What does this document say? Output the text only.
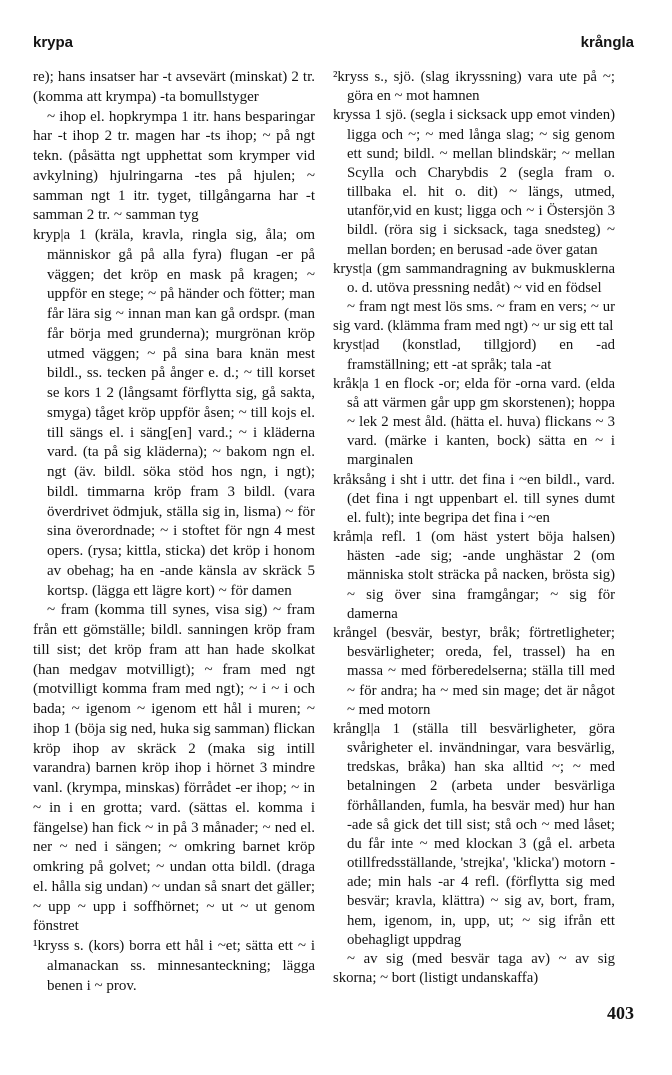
krypa	krångla

re); hans insatser har -t avsevärt (minskat) 2 tr. (komma att krympa) -ta bomullstyger

~ ihop el. hopkrympa 1 itr. hans besparingar har -t ihop 2 tr. magen har -ts ihop; ~ på ngt tekn. (påsätta ngt upphettat som krymper vid avkylning) hjulringarna -tes på hjulen; ~ samman ngt 1 itr. tyget, tillgångarna har -t samman 2 tr. ~ samman tyg

kryp|a 1 (kräla, kravla, ringla sig, åla; om människor gå på alla fyra) flugan -er på väggen; det kröp en mask på kragen; ~ uppför en stege; ~ på händer och fötter; man får lära sig ~ innan man kan gå ordspr. (man får börja med grunderna); murgrönan kröp utmed väggen; ~ på sina bara knän mest bildl., ss. tecken på ånger e. d.; ~ till korset se kors 1 2 (långsamt förflytta sig, gå sakta, smyga) tåget kröp uppför åsen; ~ till kojs el. till sängs el. i säng[en] vard.; ~ i kläderna vard. (ta på sig kläderna); ~ bakom ngn el. ngt (äv. bildl. söka stöd hos ngn, i ngt); bildl. timmarna kröp fram 3 bildl. (vara överdrivet ödmjuk, ställa sig in, lisma) ~ för sina överordnade; ~ i stoftet för ngn 4 mest opers. (rysa; kittla, sticka) det kröp i honom av obehag; ha en -ande känsla av skräck 5 kortsp. (lägga ett lägre kort) ~ för damen

~ fram (komma till synes, visa sig) ~ fram från ett gömställe; bildl. sanningen kröp fram till sist; det kröp fram att han hade skolkat (han medgav motvilligt); ~ fram med ngt (motvilligt komma fram med ngt); ~ i ~ i och bada; ~ igenom ~ igenom ett hål i muren; ~ ihop 1 (böja sig ned, huka sig samman) flickan kröp ihop av skräck 2 (maka sig intill varandra) barnen kröp ihop i hörnet 3 mindre vanl. (krympa, minskas) förrådet -er ihop; ~ in ~ in i en grotta; vard. (sättas el. komma i fängelse) han fick ~ in på 3 månader; ~ ned el. ner ~ ned i sängen; ~ omkring barnet kröp omkring på golvet; ~ undan otta bildl. (draga el. hålla sig undan) ~ undan så snart det gäller; ~ upp ~ upp i soffhörnet; ~ ut ~ ut genom fönstret

¹kryss s. (kors) borra ett hål i ~et; sätta ett ~ i almanackan ss. minnesanteckning; lägga benen i ~ prov.

²kryss s., sjö. (slag ikryssning) vara ute på ~; göra en ~ mot hamnen

kryssa 1 sjö. (segla i sicksack upp emot vinden) ligga och ~; ~ med långa slag; ~ sig genom ett sund; bildl. ~ mellan blindskär; ~ mellan Scylla och Charybdis 2 (segla fram o. tillbaka el. hit o. dit) ~ längs, utmed, utanför,vid en kust; ligga och ~ i Östersjön 3 bildl. (röra sig i sicksack, taga snedsteg) ~ mellan borden; en berusad -ade över gatan

kryst|a (gm sammandragning av bukmusklerna o. d. utöva pressning nedåt) ~ vid en födsel

~ fram ngt mest lös sms. ~ fram en vers; ~ ur sig vard. (klämma fram med ngt) ~ ur sig ett tal

kryst|ad (konstlad, tillgjord) en -ad framställning; ett -at språk; tala -at

kråk|a 1 en flock -or; elda för -orna vard. (elda så att värmen går upp gm skorstenen); hoppa ~ lek 2 mest åld. (hätta el. huva) flickans ~ 3 vard. (märke i kanten, bock) sätta en ~ i marginalen

kråksång i sht i uttr. det fina i ~en bildl., vard. (det fina i ngt uppenbart el. till synes dumt el. fult); inte begripa det fina i ~en

kråm|a refl. 1 (om häst ystert böja halsen) hästen -ade sig; -ande unghästar 2 (om människa stolt sträcka på nacken, brösta sig) ~ sig över sina framgångar; ~ sig för damerna

krångel (besvär, bestyr, bråk; förtretligheter; besvärligheter; oreda, fel, trassel) ha en massa ~ med förberedelserna; ställa till med ~ för andra; ha ~ med sin mage; det är något ~ med motorn

krångl|a 1 (ställa till besvärligheter, göra svårigheter el. invändningar, vara besvärlig, tredskas, bråka) han ska alltid ~; ~ med betalningen 2 (arbeta under besvärliga förhållanden, fumla, ha besvär med) hur han -ade så gick det till sist; stå och ~ med låset; du får inte ~ med klockan 3 (gå el. arbeta otillfredsställande, 'strejka', 'klicka') motorn -ade; min hals -ar 4 refl. (förflytta sig med besvär; kravla, klättra) ~ sig av, bort, fram, hem, igenom, in, upp, ut; ~ sig ifrån ett obehagligt uppdrag

~ av sig (med besvär taga av) ~ av sig skorna; ~ bort (listigt undanskaffa)

403
